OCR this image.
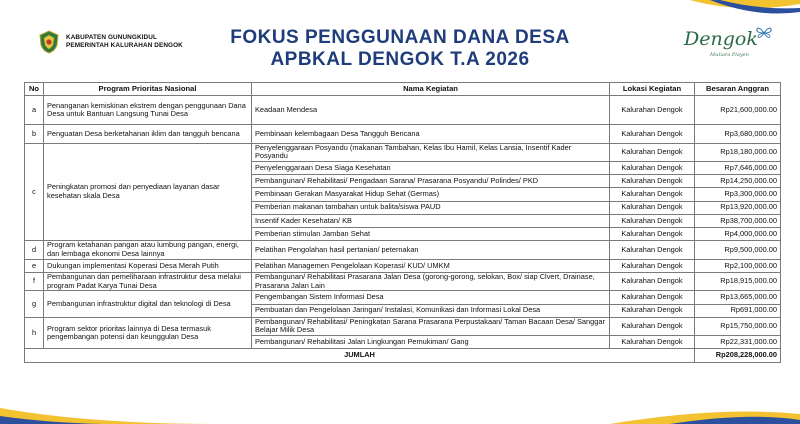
KABUPATEN GUNUNGKIDUL
PEMERINTAH KALURAHAN DENGOK	FOKUS PENGGUNAAN DANA DESA
APBKAL DENGOK T.A 2026
Dengok
Mutiara Playen
No	Program Prioritas Nasional	Nama Kegiatan	Lokasi Kegiatan	Besaran Anggran
a	Penanganan kemiskinan ekstrem dengan penggunaan Dana Desa untuk Bantuan Langsung Tunai Desa	Keadaan Mendesa	Kalurahan Dengok	Rp21,600,000.00
b	Penguatan Desa berketahanan iklim dan tangguh bencana	Pembinaan kelembagaan Desa Tangguh Bencana	Kalurahan Dengok	Rp3,680,000.00
c	Peningkatan promosi dan penyediaan layanan dasar kesehatan skala Desa	Penyelenggaraan Posyandu (makanan Tambahan, Kelas Ibu Hamil, Kelas Lansia, Insentif Kader Posyandu	Kalurahan Dengok	Rp18,180,000.00
		Penyelenggaraan Desa Siaga Kesehatan	Kalurahan Dengok	Rp7,646,000.00
		Pembangunan/ Rehabilitasi/ Pengadaan Sarana/ Prasarana Posyandu/ Polindes/ PKD	Kalurahan Dengok	Rp14,250,000.00
		Pembinaan Gerakan Masyarakat Hidup Sehat (Germas)	Kalurahan Dengok	Rp3,300,000.00
		Pemberian makanan tambahan untuk balita/siswa PAUD	Kalurahan Dengok	Rp13,920,000.00
		Insentif Kader Kesehatan/ KB	Kalurahan Dengok	Rp38,700,000.00
		Pemberian stimulan Jamban Sehat	Kalurahan Dengok	Rp4,000,000.00
d	Program ketahanan pangan atau lumbung pangan, energi, dan lembaga ekonomi Desa lainnya	Pelatihan Pengolahan hasil pertanian/ peternakan	Kalurahan Dengok	Rp9,500,000.00
e	Dukungan implementasi Koperasi Desa Merah Putih	Pelatihan Managemen Pengelolaan Koperasi/ KUD/ UMKM	Kalurahan Dengok	Rp2,100,000.00
f	Pembangunan dan pemeliharaan infrastruktur desa melalui program Padat Karya Tunai Desa	Pembangunan/ Rehabilitasi Prasarana Jalan Desa (gorong-gorong, selokan, Box/ siap Clvert, Drainase, Prasarana Jalan Lain	Kalurahan Dengok	Rp18,915,000.00
g	Pembangunan infrastruktur digital dan teknologi di Desa	Pengembangan Sistem Informasi Desa	Kalurahan Dengok	Rp13,665,000.00
		Pembuatan dan Pengelolaan Jaringan/ Instalasi, Komunikasi dan Informasi Lokal Desa	Kalurahan Dengok	Rp691,000.00
h	Program sektor prioritas lainnya di Desa termasuk pengembangan potensi dan keunggulan Desa	Pembangunan/ Rehabilitasi/ Peningkatan Sarana Prasarana Perpustakaan/ Taman Bacaan Desa/ Sanggar Belajar Milik Desa	Kalurahan Dengok	Rp15,750,000.00
		Pembangunan/ Rehabilitasi Jalan Lingkungan Pemukiman/ Gang	Kalurahan Dengok	Rp22,331,000.00
JUMLAH				Rp208,228,000.00
